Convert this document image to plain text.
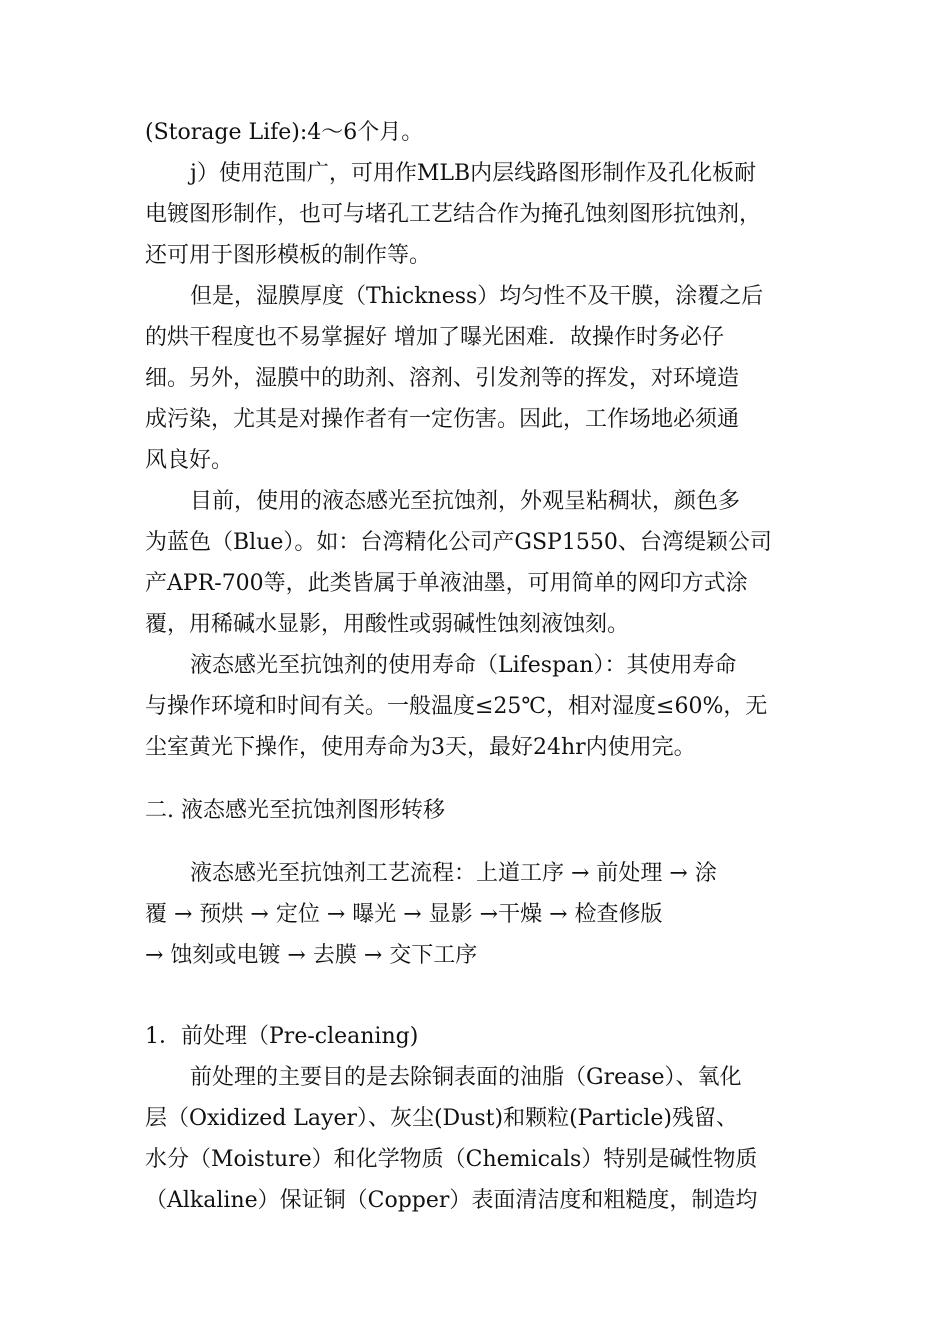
(Storage Life):4～6个月。
j）使用范围广，可用作MLB内层线路图形制作及孔化板耐
电镀图形制作，也可与堵孔工艺结合作为掩孔蚀刻图形抗蚀剂，
还可用于图形模板的制作等。
但是，湿膜厚度（Thickness）均匀性不及干膜，涂覆之后
的烘干程度也不易掌握好 增加了曝光困难．故操作时务必仔
细。另外，湿膜中的助剂、溶剂、引发剂等的挥发，对环境造
成污染，尤其是对操作者有一定伤害。因此，工作场地必须通
风良好。
目前，使用的液态感光至抗蚀剂，外观呈粘稠状，颜色多
为蓝色（Blue）。如：台湾精化公司产GSP1550、台湾缇颖公司
产APR-700等，此类皆属于单液油墨，可用简单的网印方式涂
覆，用稀碱水显影，用酸性或弱碱性蚀刻液蚀刻。
液态感光至抗蚀剂的使用寿命（Lifespan）：其使用寿命
与操作环境和时间有关。一般温度≤25℃，相对湿度≤60%，无
尘室黄光下操作，使用寿命为3天，最好24hr内使用完。
二. 液态感光至抗蚀剂图形转移
液态感光至抗蚀剂工艺流程：上道工序 → 前处理 → 涂
覆 → 预烘 → 定位 → 曝光 → 显影 →干燥 → 检查修版
→ 蚀刻或电镀 → 去膜 → 交下工序
1．前处理（Pre-cleaning)
前处理的主要目的是去除铜表面的油脂（Grease）、氧化
层（Oxidized Layer）、灰尘(Dust)和颗粒(Particle)残留、
水分（Moisture）和化学物质（Chemicals）特别是碱性物质
（Alkaline）保证铜（Copper）表面清洁度和粗糙度，制造均
